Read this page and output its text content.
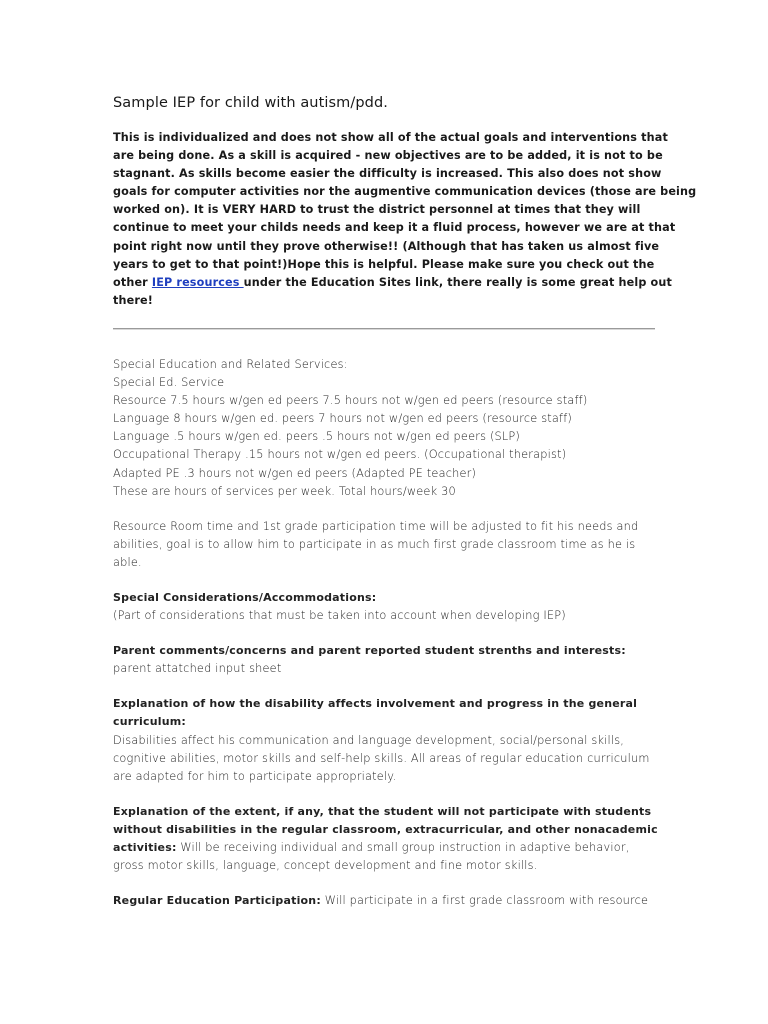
Sample IEP for child with autism/pdd.

This is individualized and does not show all of the actual goals and interventions that
are being done. As a skill is acquired - new objectives are to be added, it is not to be
stagnant. As skills become easier the difficulty is increased. This also does not show
goals for computer activities nor the augmentive communication devices (those are being
worked on). It is VERY HARD to trust the district personnel at times that they will
continue to meet your childs needs and keep it a fluid process, however we are at that
point right now until they prove otherwise!! (Although that has taken us almost five
years to get to that point!)Hope this is helpful. Please make sure you check out the
other IEP resources under the Education Sites link, there really is some great help out
there!

Special Education and Related Services:
Special Ed. Service
Resource 7.5 hours w/gen ed peers 7.5 hours not w/gen ed peers (resource staff)
Language 8 hours w/gen ed. peers 7 hours not w/gen ed peers (resource staff)
Language .5 hours w/gen ed. peers .5 hours not w/gen ed peers (SLP)
Occupational Therapy .15 hours not w/gen ed peers. (Occupational therapist)
Adapted PE .3 hours not w/gen ed peers (Adapted PE teacher)
These are hours of services per week. Total hours/week 30
Resource Room time and 1st grade participation time will be adjusted to fit his needs and
abilities, goal is to allow him to participate in as much first grade classroom time as he is
able.
Special Considerations/Accommodations:
(Part of considerations that must be taken into account when developing IEP)
Parent comments/concerns and parent reported student strenths and interests:
parent attatched input sheet
Explanation of how the disability affects involvement and progress in the general
curriculum:
Disabilities affect his communication and language development, social/personal skills,
cognitive abilities, motor skills and self-help skills. All areas of regular education curriculum
are adapted for him to participate appropriately.
Explanation of the extent, if any, that the student will not participate with students
without disabilities in the regular classroom, extracurricular, and other nonacademic
activities: Will be receiving individual and small group instruction in adaptive behavior,
gross motor skills, language, concept development and fine motor skills.
Regular Education Participation: Will participate in a first grade classroom with resource
